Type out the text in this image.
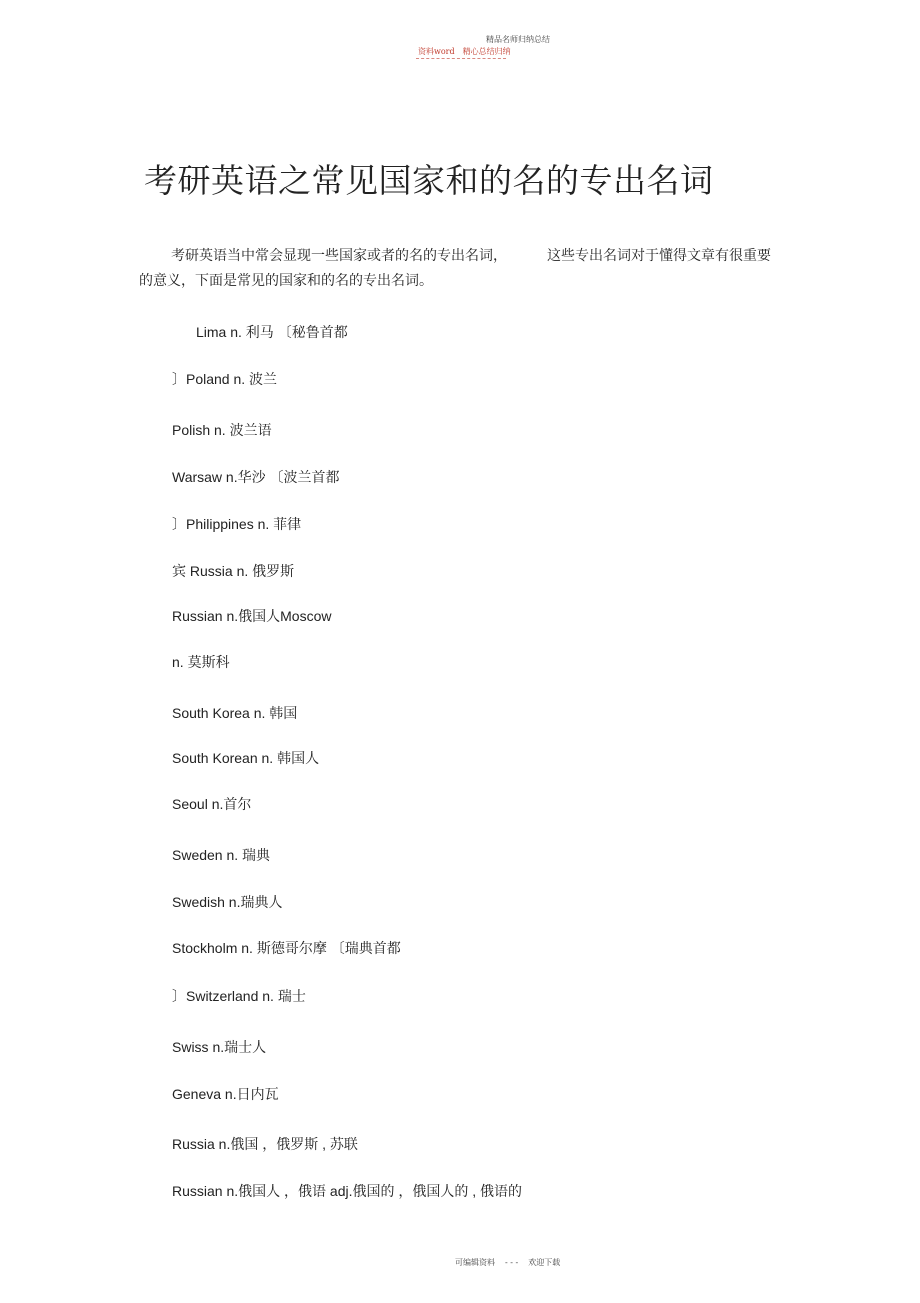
精品名师归纳总结
资料word 精心总结归纳
考研英语之常见国家和的名的专出名词
考研英语当中常会显现一些国家或者的名的专出名词，	这些专出名词对于懂得文章有很重要的意义，下面是常见的国家和的名的专出名词。
Lima n. 利马 〔秘鲁首都
〕Poland n. 波兰
Polish n. 波兰语
Warsaw n.华沙 〔波兰首都
〕Philippines n. 菲律
宾 Russia n. 俄罗斯
Russian n.俄国人Moscow
n. 莫斯科
South Korea n. 韩国
South Korean n. 韩国人
Seoul n.首尔
Sweden n. 瑞典
Swedish n.瑞典人
Stockholm n. 斯德哥尔摩 〔瑞典首都
〕Switzerland n. 瑞士
Swiss n.瑞士人
Geneva n.日内瓦
Russia n.俄国 ，俄罗斯 , 苏联
Russian n.俄国人 ，俄语 adj.俄国的 ，俄国人的 , 俄语的
可编辑资料 - - - 欢迎下载
